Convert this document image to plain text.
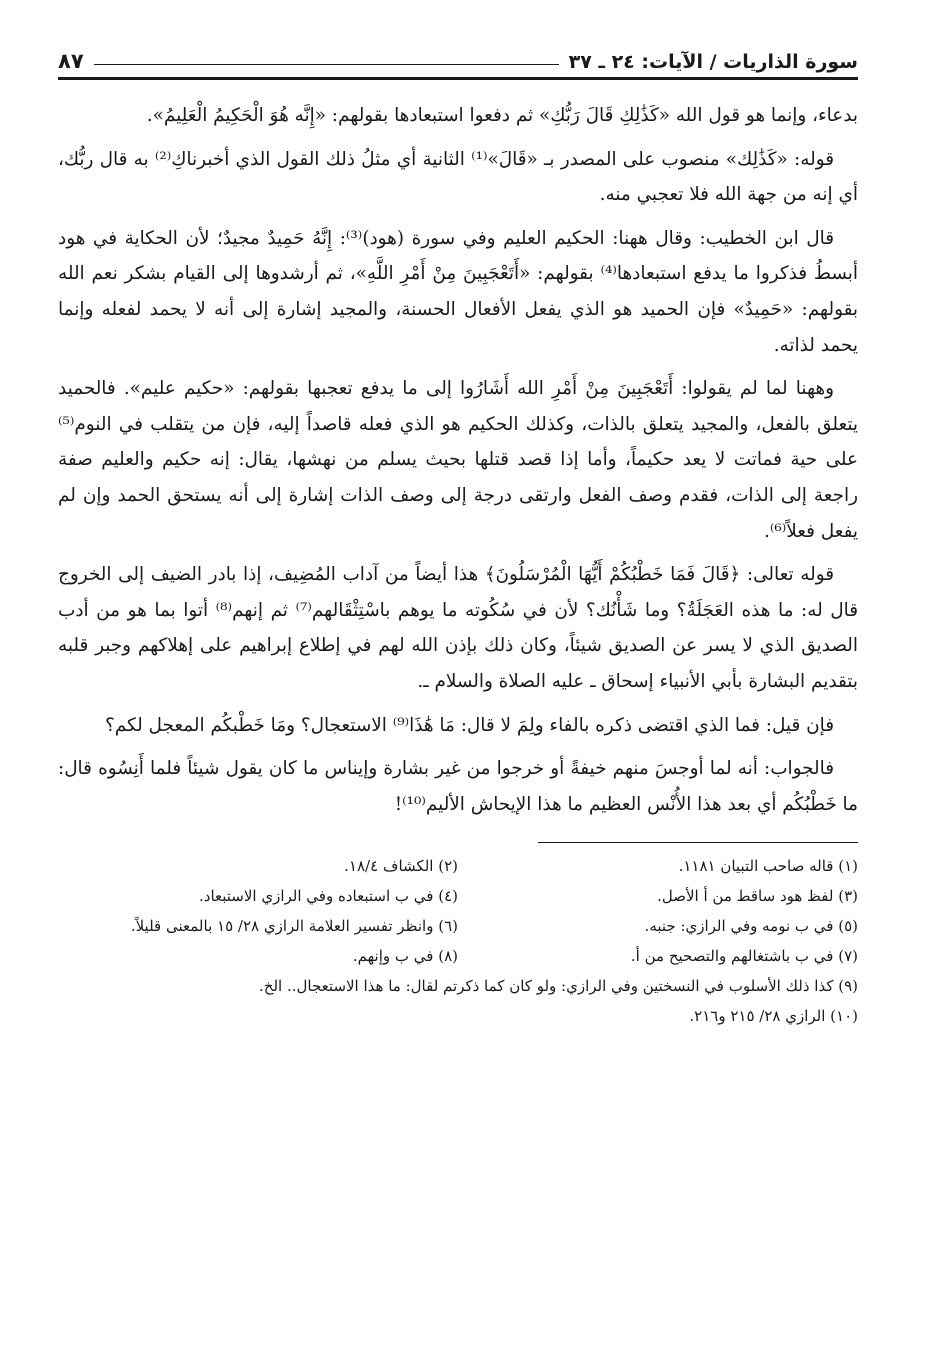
سورة الذاريات / الآيات: ٢٤ ـ ٣٧
٨٧

بدعاء، وإنما هو قول الله «كَذَٰلِكِ قَالَ رَبُّكِ» ثم دفعوا استبعادها بقولهم: «إِنَّه هُوَ الْحَكِيمُ الْعَلِيمُ».

قوله: «كَذَٰلِك» منصوب على المصدر بـ «قَالَ»⁽¹⁾ الثانية أي مثلُ ذلك القول الذي أخبرناكِ⁽²⁾ به قال ربُّك، أي إنه من جهة الله فلا تعجبي منه.

قال ابن الخطيب: وقال ههنا: الحكيم العليم وفي سورة (هود)⁽³⁾: إِنَّهُ حَمِيدٌ مجيدٌ؛ لأن الحكاية في هود أبسطُ فذكروا ما يدفع استبعادها⁽⁴⁾ بقولهم: «أَتَعْجَبِينَ مِنْ أَمْرِ اللَّهِ»، ثم أرشدوها إلى القيام بشكر نعم الله بقولهم: «حَمِيدٌ» فإن الحميد هو الذي يفعل الأفعال الحسنة، والمجيد إشارة إلى أنه لا يحمد لفعله وإنما يحمد لذاته.

وههنا لما لم يقولوا: أَتَعْجَبِينَ مِنْ أَمْرِ الله أَشَارُوا إلى ما يدفع تعجبها بقولهم: «حكيم عليم». فالحميد يتعلق بالفعل، والمجيد يتعلق بالذات، وكذلك الحكيم هو الذي فعله قاصداً إليه، فإن من يتقلب في النوم⁽⁵⁾ على حية فماتت لا يعد حكيماً، وأما إذا قصد قتلها بحيث يسلم من نهشها، يقال: إنه حكيم والعليم صفة راجعة إلى الذات، فقدم وصف الفعل وارتقى درجة إلى وصف الذات إشارة إلى أنه يستحق الحمد وإن لم يفعل فعلاً⁽⁶⁾.

قوله تعالى: ﴿قَالَ فَمَا خَطْبُكُمْ أَيُّهَا الْمُرْسَلُونَ﴾ هذا أيضاً من آداب المُضِيف، إذا بادر الضيف إلى الخروج قال له: ما هذه العَجَلَةُ؟ وما شَأْنُك؟ لأن في سُكُوته ما يوهم باسْتِثْقَالهم⁽⁷⁾ ثم إنهم⁽⁸⁾ أتوا بما هو من أدب الصديق الذي لا يسر عن الصديق شيئاً، وكان ذلك بإذن الله لهم في إطلاع إبراهيم على إهلاكهم وجبر قلبه بتقديم البشارة بأبي الأنبياء إسحاق ـ عليه الصلاة والسلام ـ.

فإن قيل: فما الذي اقتضى ذكره بالفاء ولِمَ لا قال: مَا هَٰذَا⁽⁹⁾ الاستعجال؟ ومَا خَطْبكُم المعجل لكم؟

فالجواب: أنه لما أوجسَ منهم خيفةً أو خرجوا من غير بشارة وإيناس ما كان يقول شيئاً فلما أَنِسُوه قال: ما خَطْبُكُم أي بعد هذا الأُنْس العظيم ما هذا الإيحاش الأليم⁽¹⁰⁾!

(١) قاله صاحب التبيان ١١٨١.
(٢) الكشاف ١٨/٤.
(٣) لفظ هود ساقط من أ الأصل.
(٤) في ب استبعاده وفي الرازي الاستبعاد.
(٥) في ب نومه وفي الرازي: جنبه.
(٦) وانظر تفسير العلامة الرازي ٢٨/ ١٥ بالمعنى قليلاً.
(٧) في ب باشتغالهم والتصحيح من أ.
(٨) في ب وإنهم.
(٩) كذا ذلك الأسلوب في النسختين وفي الرازي: ولو كان كما ذكرتم لقال: ما هذا الاستعجال.. الخ.
(١٠) الرازي ٢٨/ ٢١٥ و٢١٦.
